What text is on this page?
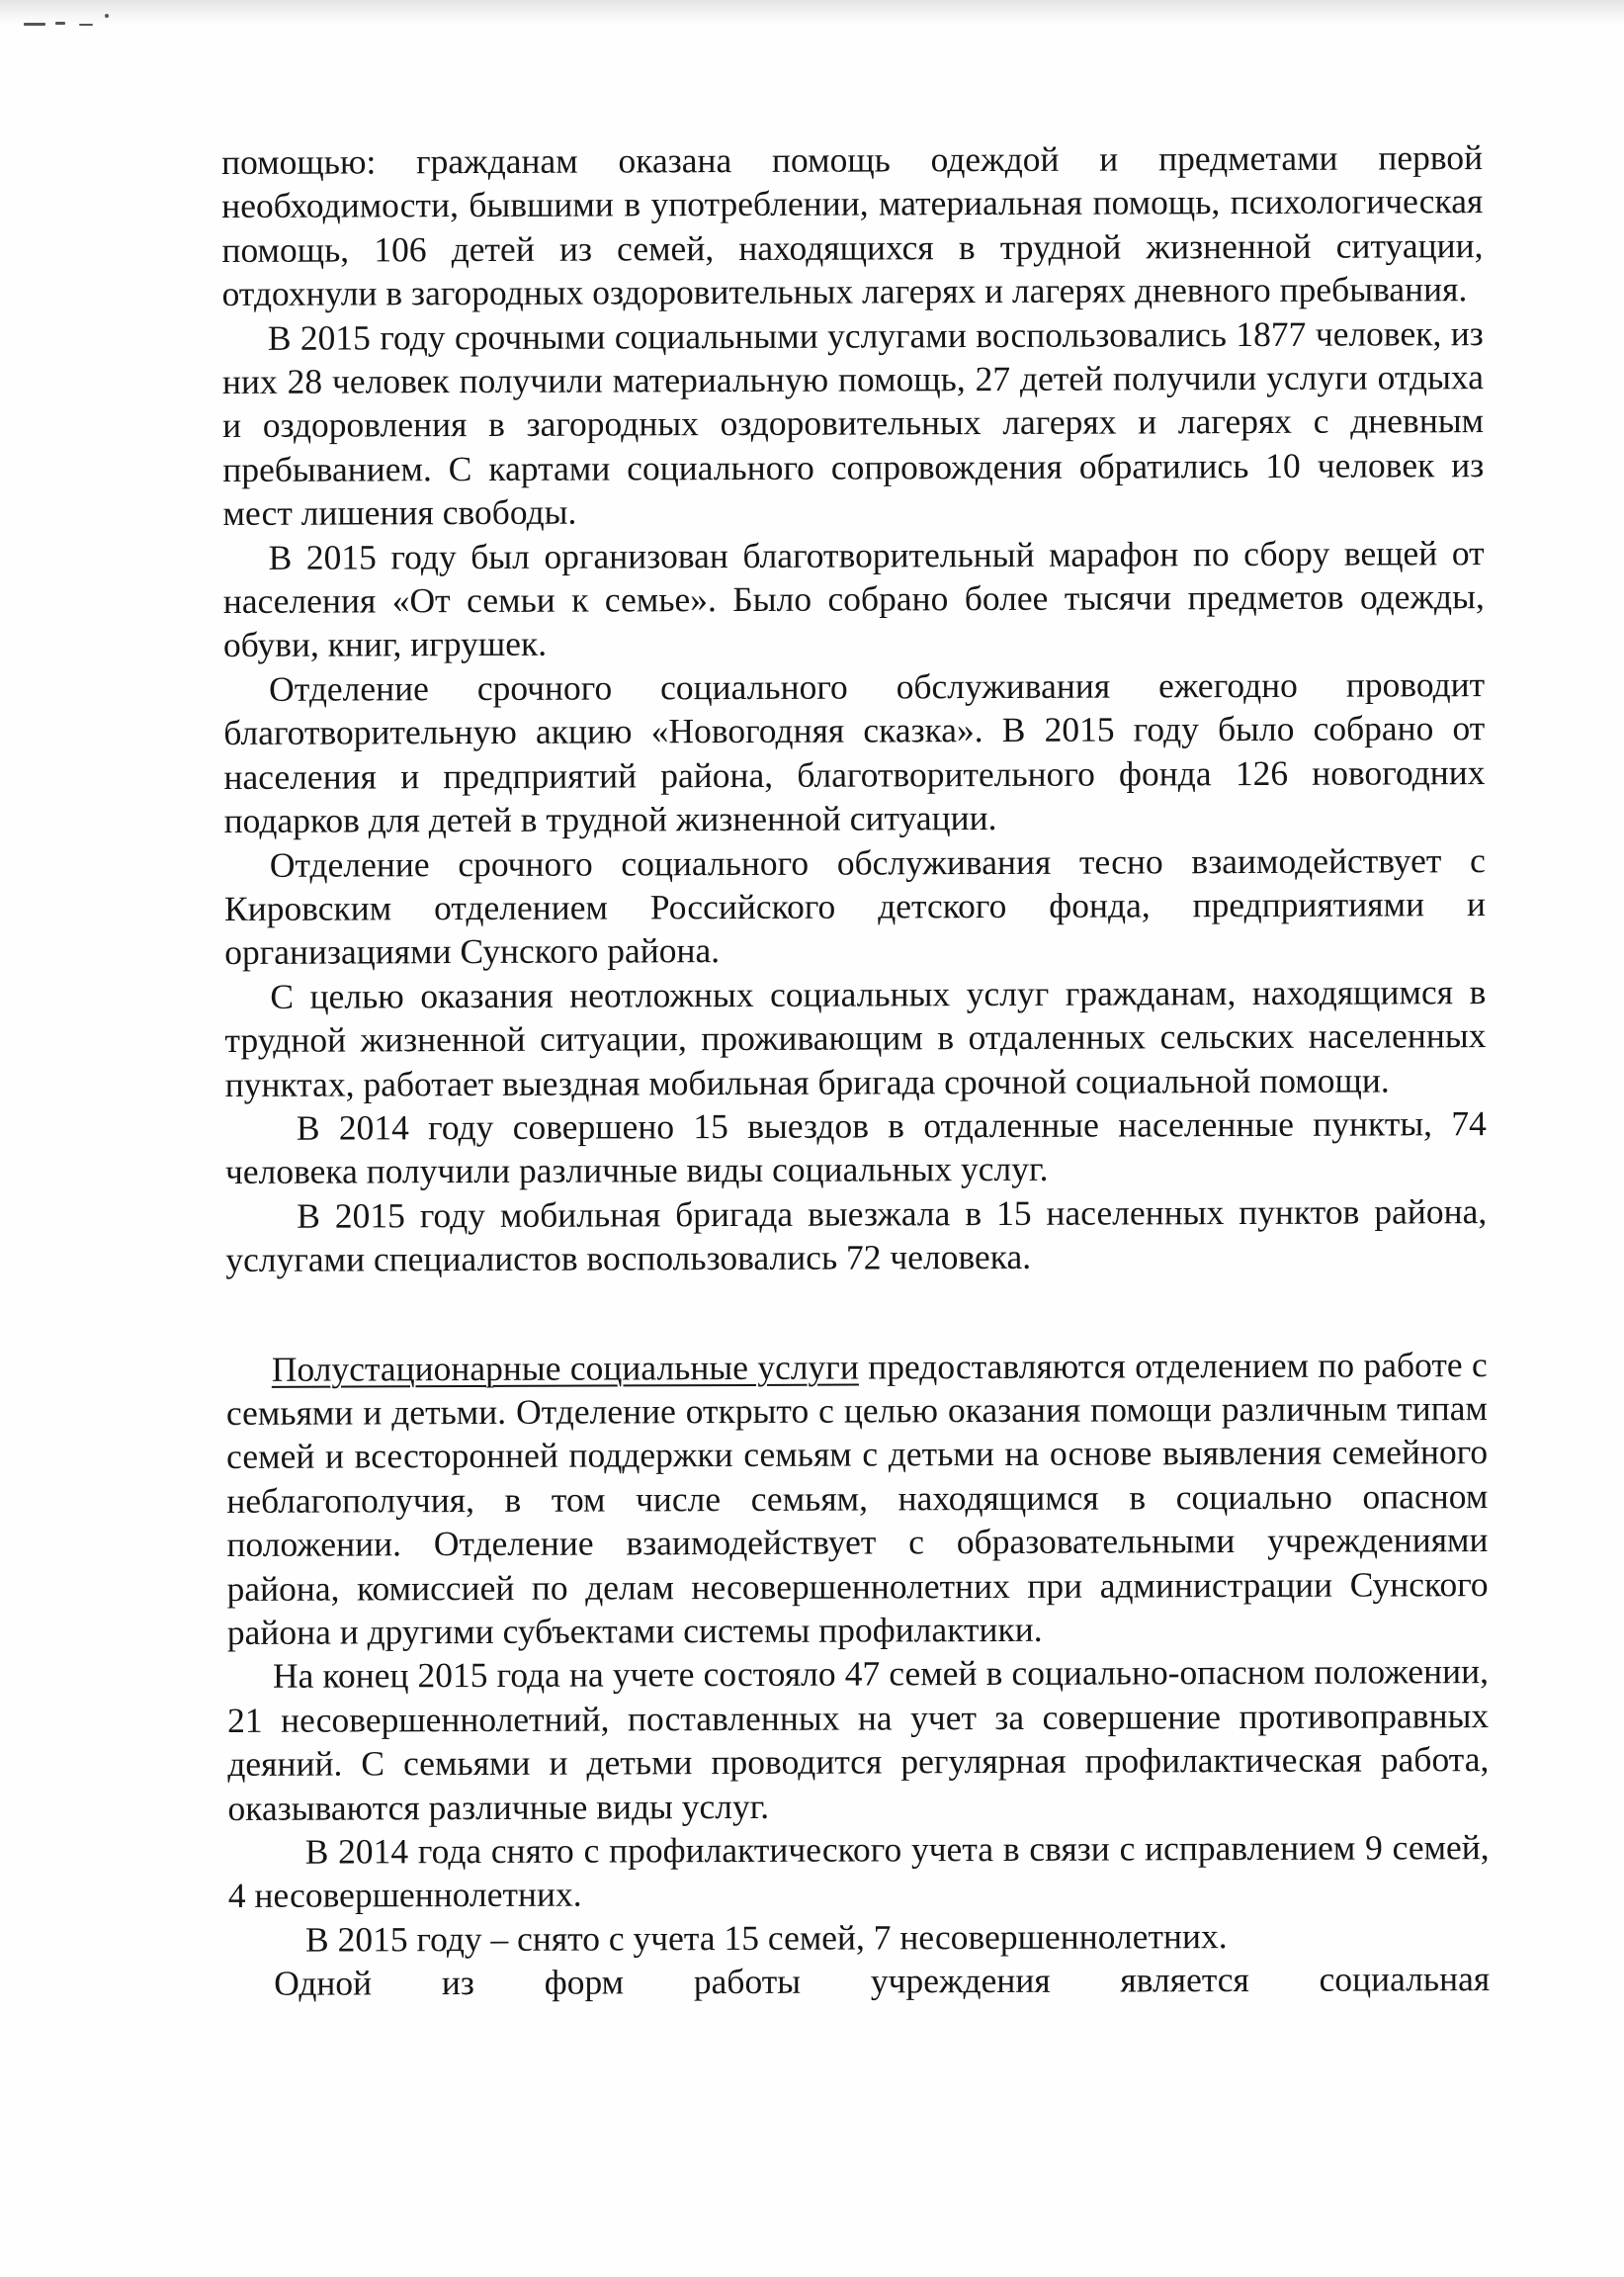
помощью: гражданам оказана помощь одеждой и предметами первой необходимости, бывшими в употреблении, материальная помощь, психологическая помощь, 106 детей из семей, находящихся в трудной жизненной ситуации, отдохнули в загородных оздоровительных лагерях и лагерях дневного пребывания.

В 2015 году срочными социальными услугами воспользовались 1877 человек, из них 28 человек получили материальную помощь, 27 детей получили услуги отдыха и оздоровления в загородных оздоровительных лагерях и лагерях с дневным пребыванием. С картами социального сопровождения обратились 10 человек из мест лишения свободы.

В 2015 году был организован благотворительный марафон по сбору вещей от населения «От семьи к семье». Было собрано более тысячи предметов одежды, обуви, книг, игрушек.

Отделение срочного социального обслуживания ежегодно проводит благотворительную акцию «Новогодняя сказка». В 2015 году было собрано от населения и предприятий района, благотворительного фонда 126 новогодних подарков для детей в трудной жизненной ситуации.

Отделение срочного социального обслуживания тесно взаимодействует с Кировским отделением Российского детского фонда, предприятиями и организациями Сунского района.

С целью оказания неотложных социальных услуг гражданам, находящимся в трудной жизненной ситуации, проживающим в отдаленных сельских населенных пунктах, работает выездная мобильная бригада срочной социальной помощи.

В 2014 году совершено 15 выездов в отдаленные населенные пункты, 74 человека получили различные виды социальных услуг.

В 2015 году мобильная бригада выезжала в 15 населенных пунктов района, услугами специалистов воспользовались 72 человека.

Полустационарные социальные услуги предоставляются отделением по работе с семьями и детьми. Отделение открыто с целью оказания помощи различным типам семей и всесторонней поддержки семьям с детьми на основе выявления семейного неблагополучия, в том числе семьям, находящимся в социально опасном положении. Отделение взаимодействует с образовательными учреждениями района, комиссией по делам несовершеннолетних при администрации Сунского района и другими субъектами системы профилактики.

На конец 2015 года на учете состояло 47 семей в социально-опасном положении, 21 несовершеннолетний, поставленных на учет за совершение противоправных деяний. С семьями и детьми проводится регулярная профилактическая работа, оказываются различные виды услуг.

В 2014 года снято с профилактического учета в связи с исправлением 9 семей, 4 несовершеннолетних.

В 2015 году – снято с учета 15 семей, 7 несовершеннолетних.

Одной из форм работы учреждения является социальная
